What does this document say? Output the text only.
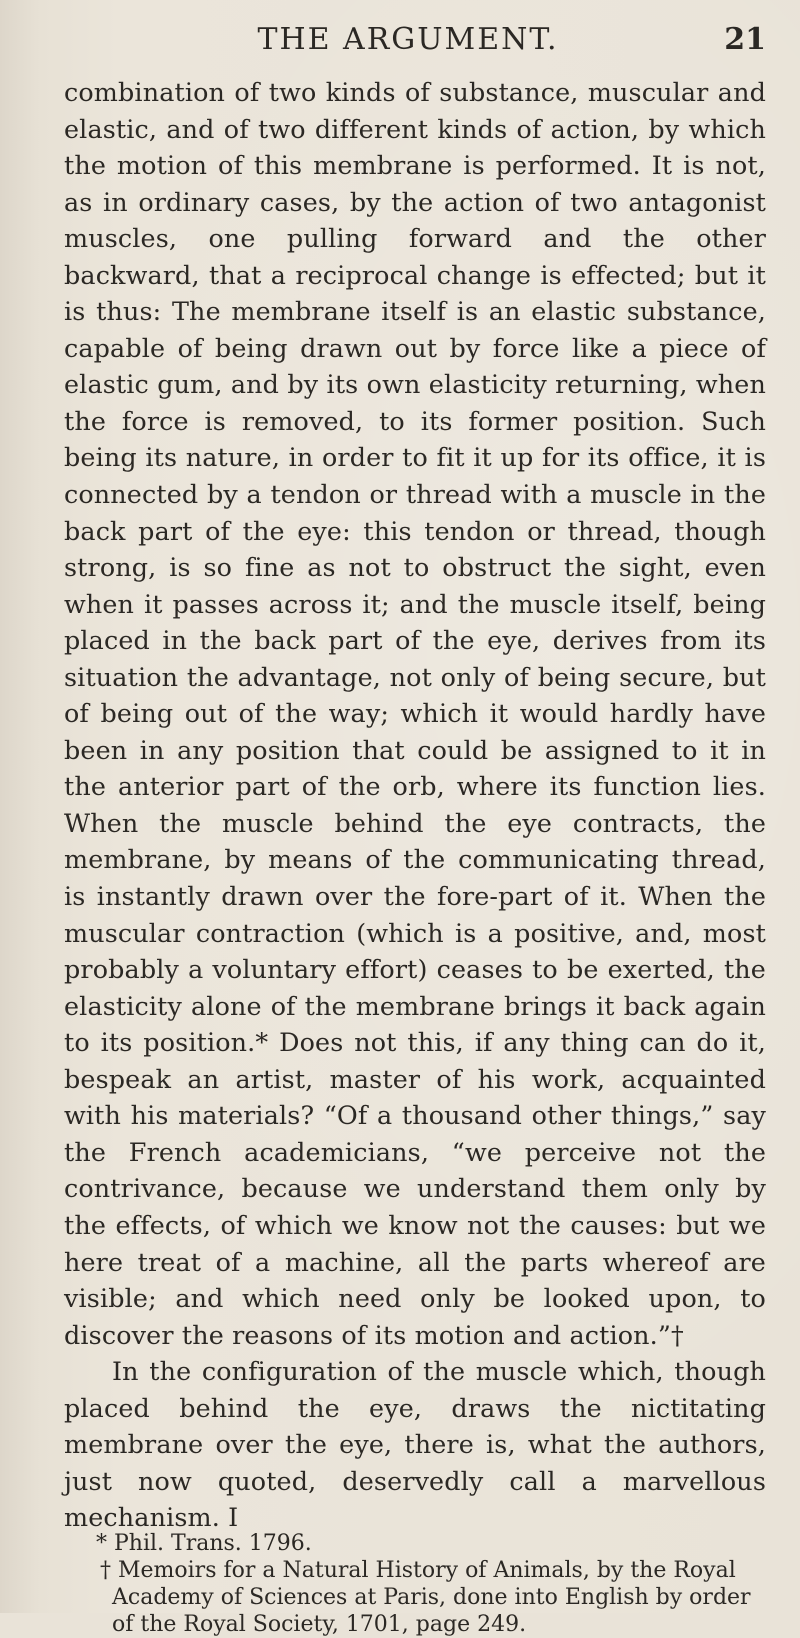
THE ARGUMENT.	21

combination of two kinds of substance, muscular and elastic, and of two different kinds of action, by which the motion of this membrane is performed. It is not, as in ordinary cases, by the action of two antagonist muscles, one pulling forward and the other backward, that a reciprocal change is effected; but it is thus: The membrane itself is an elastic substance, capable of being drawn out by force like a piece of elastic gum, and by its own elasticity returning, when the force is removed, to its former position. Such being its nature, in order to fit it up for its office, it is connected by a tendon or thread with a muscle in the back part of the eye: this tendon or thread, though strong, is so fine as not to obstruct the sight, even when it passes across it; and the muscle itself, being placed in the back part of the eye, derives from its situation the advantage, not only of being secure, but of being out of the way; which it would hardly have been in any position that could be assigned to it in the anterior part of the orb, where its function lies. When the muscle behind the eye contracts, the membrane, by means of the communicating thread, is instantly drawn over the fore-part of it. When the muscular contraction (which is a positive, and, most probably a voluntary effort) ceases to be exerted, the elasticity alone of the membrane brings it back again to its position.* Does not this, if any thing can do it, bespeak an artist, master of his work, acquainted with his materials? “Of a thousand other things,” say the French academicians, “we perceive not the contrivance, because we understand them only by the effects, of which we know not the causes: but we here treat of a machine, all the parts whereof are visible; and which need only be looked upon, to discover the reasons of its motion and action.”†

In the configuration of the muscle which, though placed behind the eye, draws the nictitating membrane over the eye, there is, what the authors, just now quoted, deservedly call a marvellous mechanism. I

* Phil. Trans. 1796.

† Memoirs for a Natural History of Animals, by the Royal Academy of Sciences at Paris, done into English by order of the Royal Society, 1701, page 249.
